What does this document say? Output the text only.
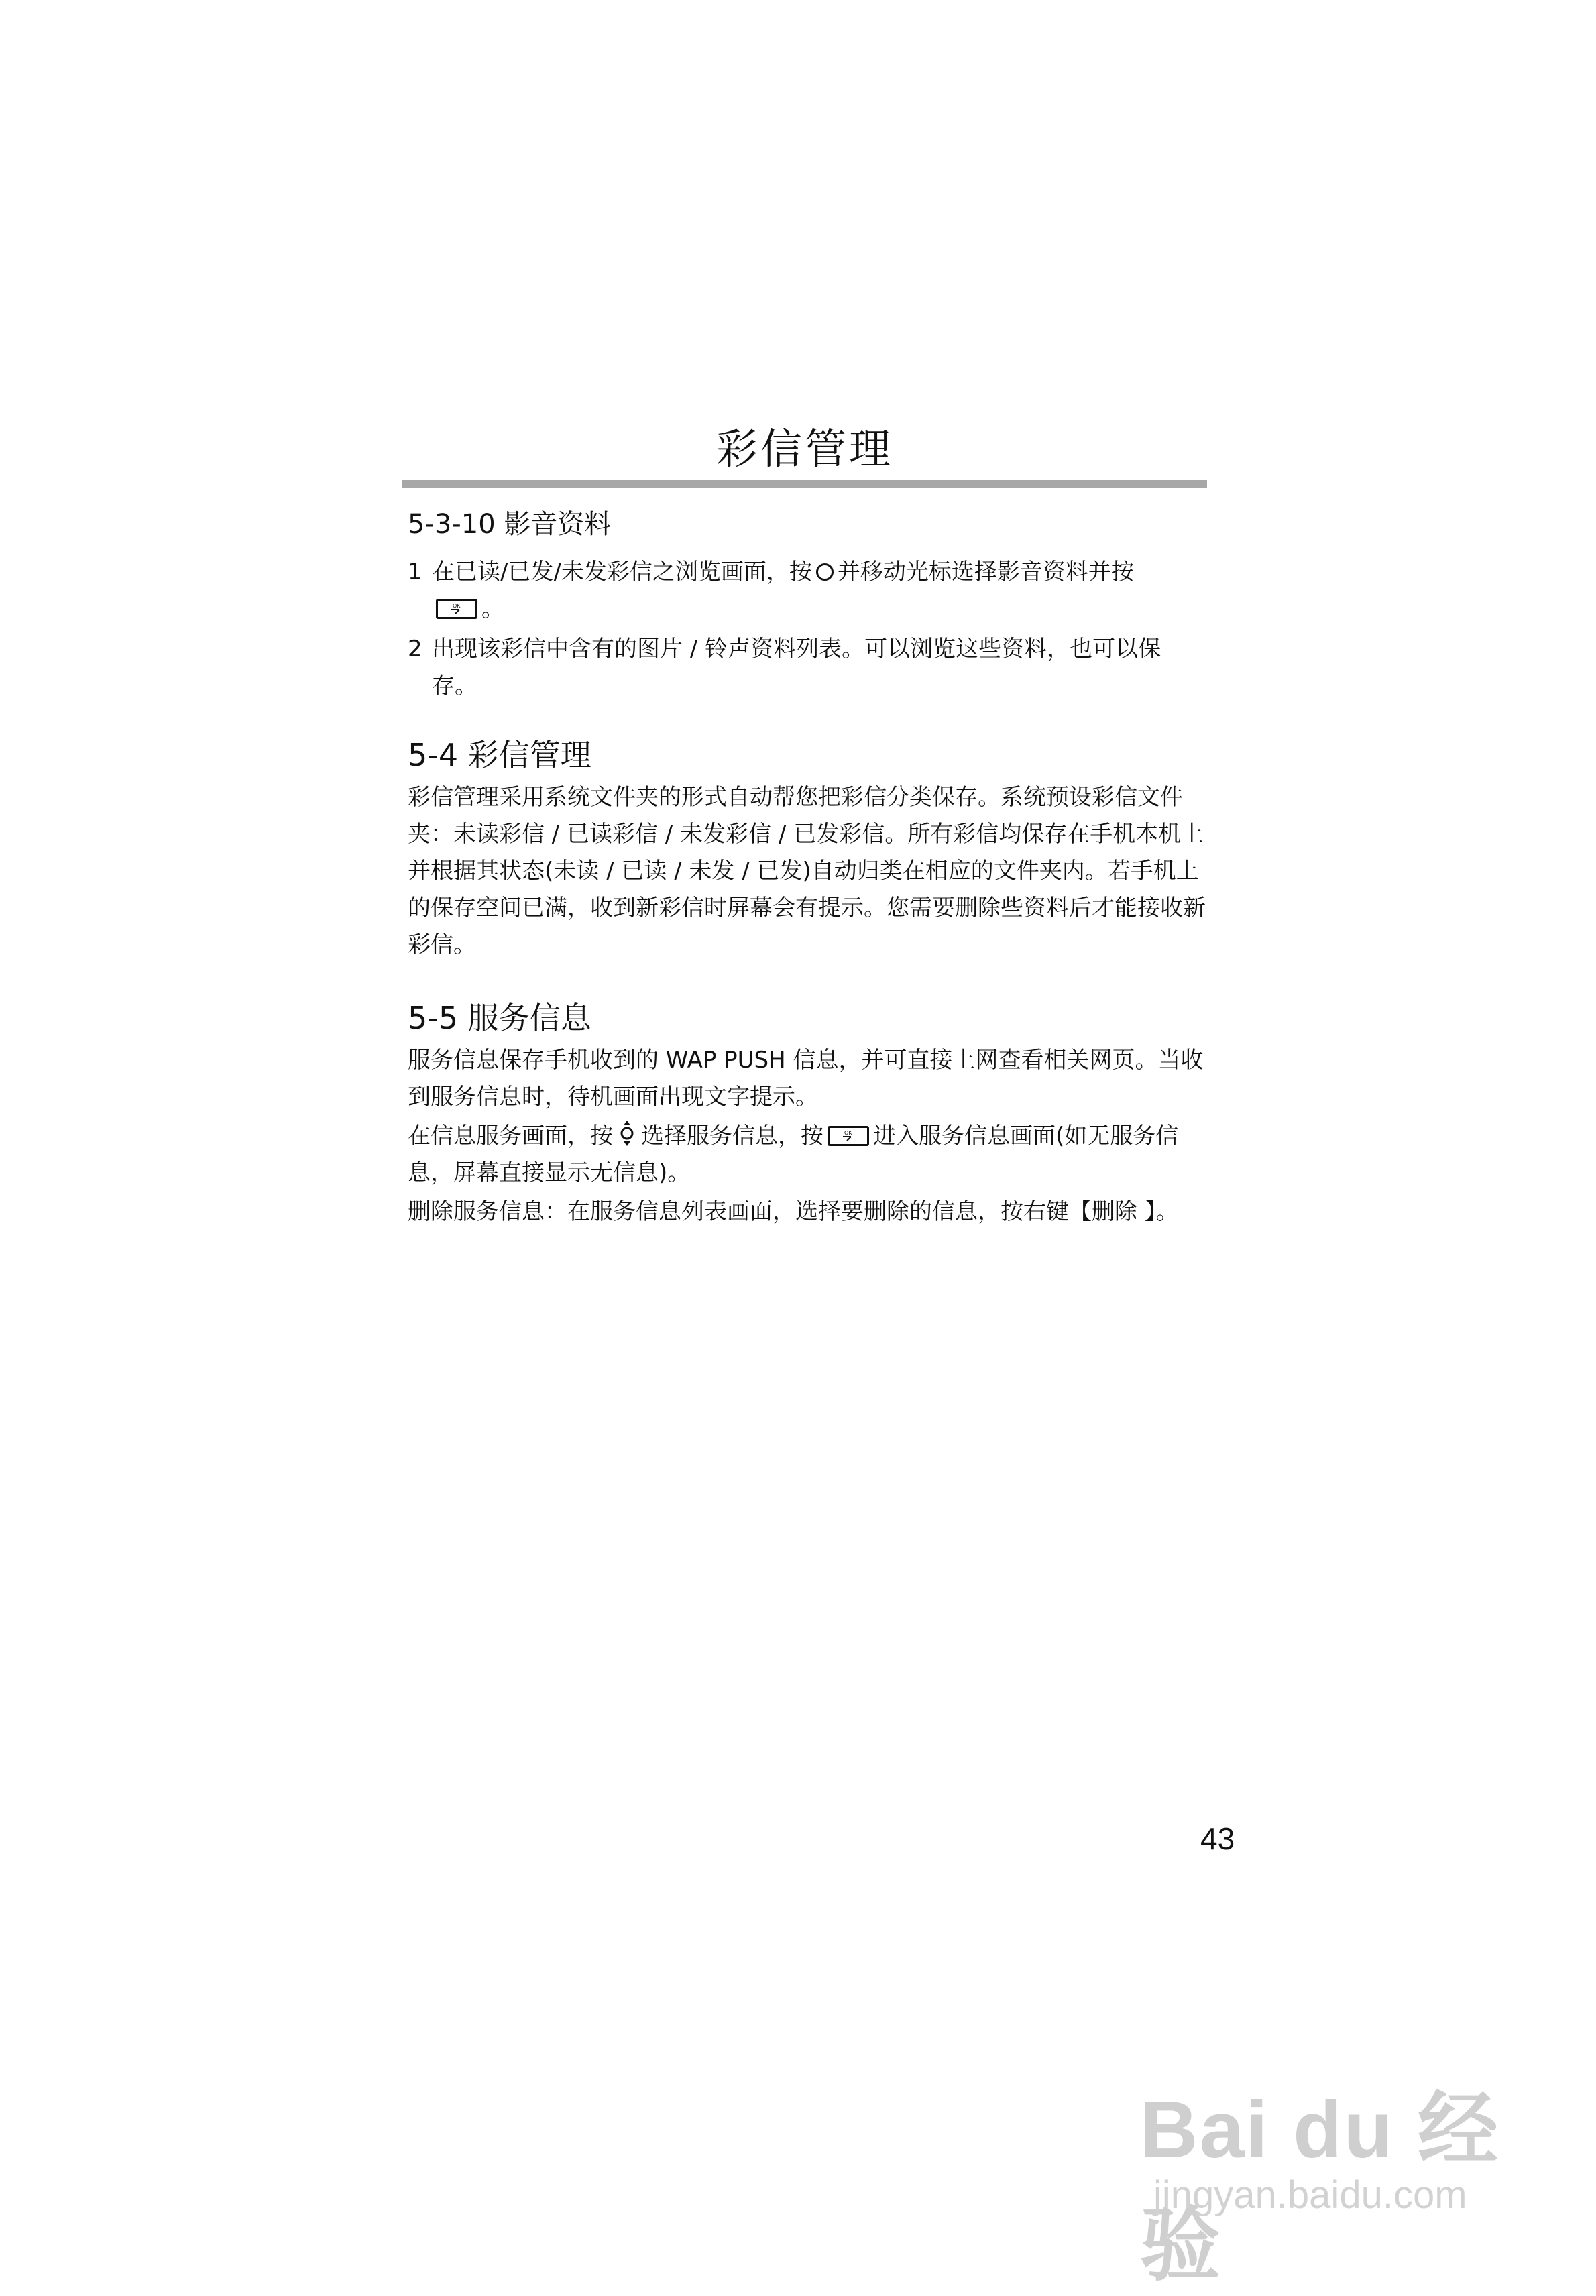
彩信管理
5-3-10 影音资料
1 在已读/已发/未发彩信之浏览画面，按 并移动光标选择影音资料并按

OK 。
2 出现该彩信中含有的图片 / 铃声资料列表。可以浏览这些资料，也可以保 存。
5-4 彩信管理
彩信管理采用系统文件夹的形式自动帮您把彩信分类保存。系统预设彩信文件夹：未读彩信 / 已读彩信 / 未发彩信 / 已发彩信。所有彩信均保存在手机本机上并根据其状态(未读 / 已读 / 未发 / 已发)自动归类在相应的文件夹内。若手机上的保存空间已满，收到新彩信时屏幕会有提示。您需要删除些资料后才能接收新彩信。
5-5 服务信息
服务信息保存手机收到的 WAP PUSH 信息，并可直接上网查看相关网页。当收到服务信息时，待机画面出现文字提示。
在信息服务画面，按 选择服务信息，按	OK 进入服务信息画面(如无服务信息，屏幕直接显示无信息)。
删除服务信息：在服务信息列表画面，选择要删除的信息，按右键【删除 】。
43
Bai du 经验
jingyan.baidu.com
